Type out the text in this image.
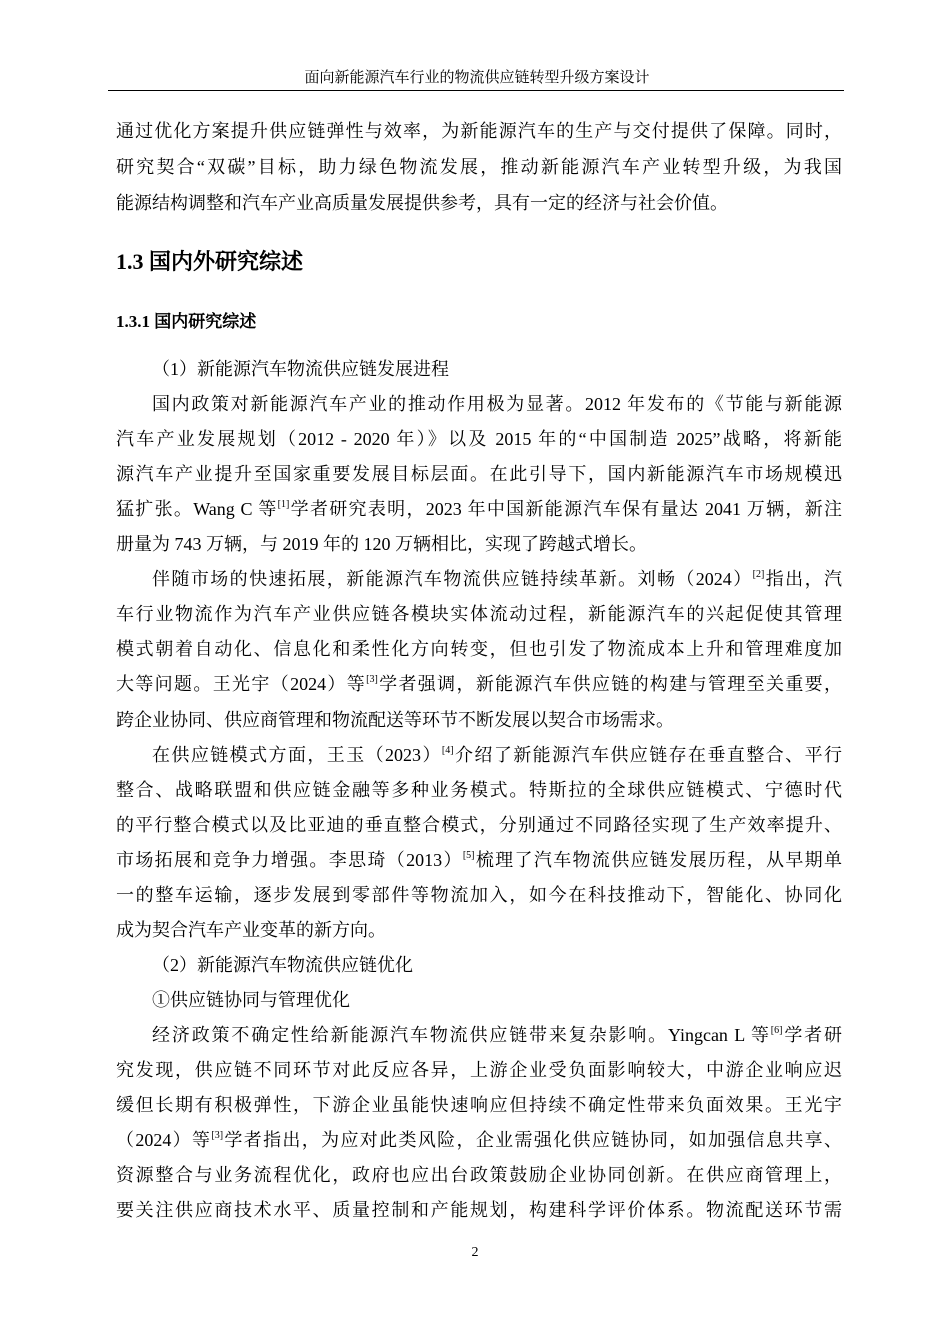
面向新能源汽车行业的物流供应链转型升级方案设计
通过优化方案提升供应链弹性与效率，为新能源汽车的生产与交付提供了保障。同时，
研究契合“双碳”目标，助力绿色物流发展，推动新能源汽车产业转型升级，为我国
能源结构调整和汽车产业高质量发展提供参考，具有一定的经济与社会价值。
1.3 国内外研究综述
1.3.1 国内研究综述
（1）新能源汽车物流供应链发展进程
国内政策对新能源汽车产业的推动作用极为显著。2012 年发布的《节能与新能源
汽车产业发展规划（2012 - 2020 年）》以及 2015 年的“中国制造 2025”战略，将新能
源汽车产业提升至国家重要发展目标层面。在此引导下，国内新能源汽车市场规模迅
猛扩张。Wang C 等[1]学者研究表明，2023 年中国新能源汽车保有量达 2041 万辆，新注
册量为 743 万辆，与 2019 年的 120 万辆相比，实现了跨越式增长。
伴随市场的快速拓展，新能源汽车物流供应链持续革新。刘畅（2024）[2]指出，汽
车行业物流作为汽车产业供应链各模块实体流动过程，新能源汽车的兴起促使其管理
模式朝着自动化、信息化和柔性化方向转变，但也引发了物流成本上升和管理难度加
大等问题。王光宇（2024）等[3]学者强调，新能源汽车供应链的构建与管理至关重要，
跨企业协同、供应商管理和物流配送等环节不断发展以契合市场需求。
在供应链模式方面，王玉（2023）[4]介绍了新能源汽车供应链存在垂直整合、平行
整合、战略联盟和供应链金融等多种业务模式。特斯拉的全球供应链模式、宁德时代
的平行整合模式以及比亚迪的垂直整合模式，分别通过不同路径实现了生产效率提升、
市场拓展和竞争力增强。李思琦（2013）[5]梳理了汽车物流供应链发展历程，从早期单
一的整车运输，逐步发展到零部件等物流加入，如今在科技推动下，智能化、协同化
成为契合汽车产业变革的新方向。
（2）新能源汽车物流供应链优化
①供应链协同与管理优化
经济政策不确定性给新能源汽车物流供应链带来复杂影响。Yingcan L 等[6]学者研
究发现，供应链不同环节对此反应各异，上游企业受负面影响较大，中游企业响应迟
缓但长期有积极弹性，下游企业虽能快速响应但持续不确定性带来负面效果。王光宇
（2024）等[3]学者指出，为应对此类风险，企业需强化供应链协同，如加强信息共享、
资源整合与业务流程优化，政府也应出台政策鼓励企业协同创新。在供应商管理上，
要关注供应商技术水平、质量控制和产能规划，构建科学评价体系。物流配送环节需
2
